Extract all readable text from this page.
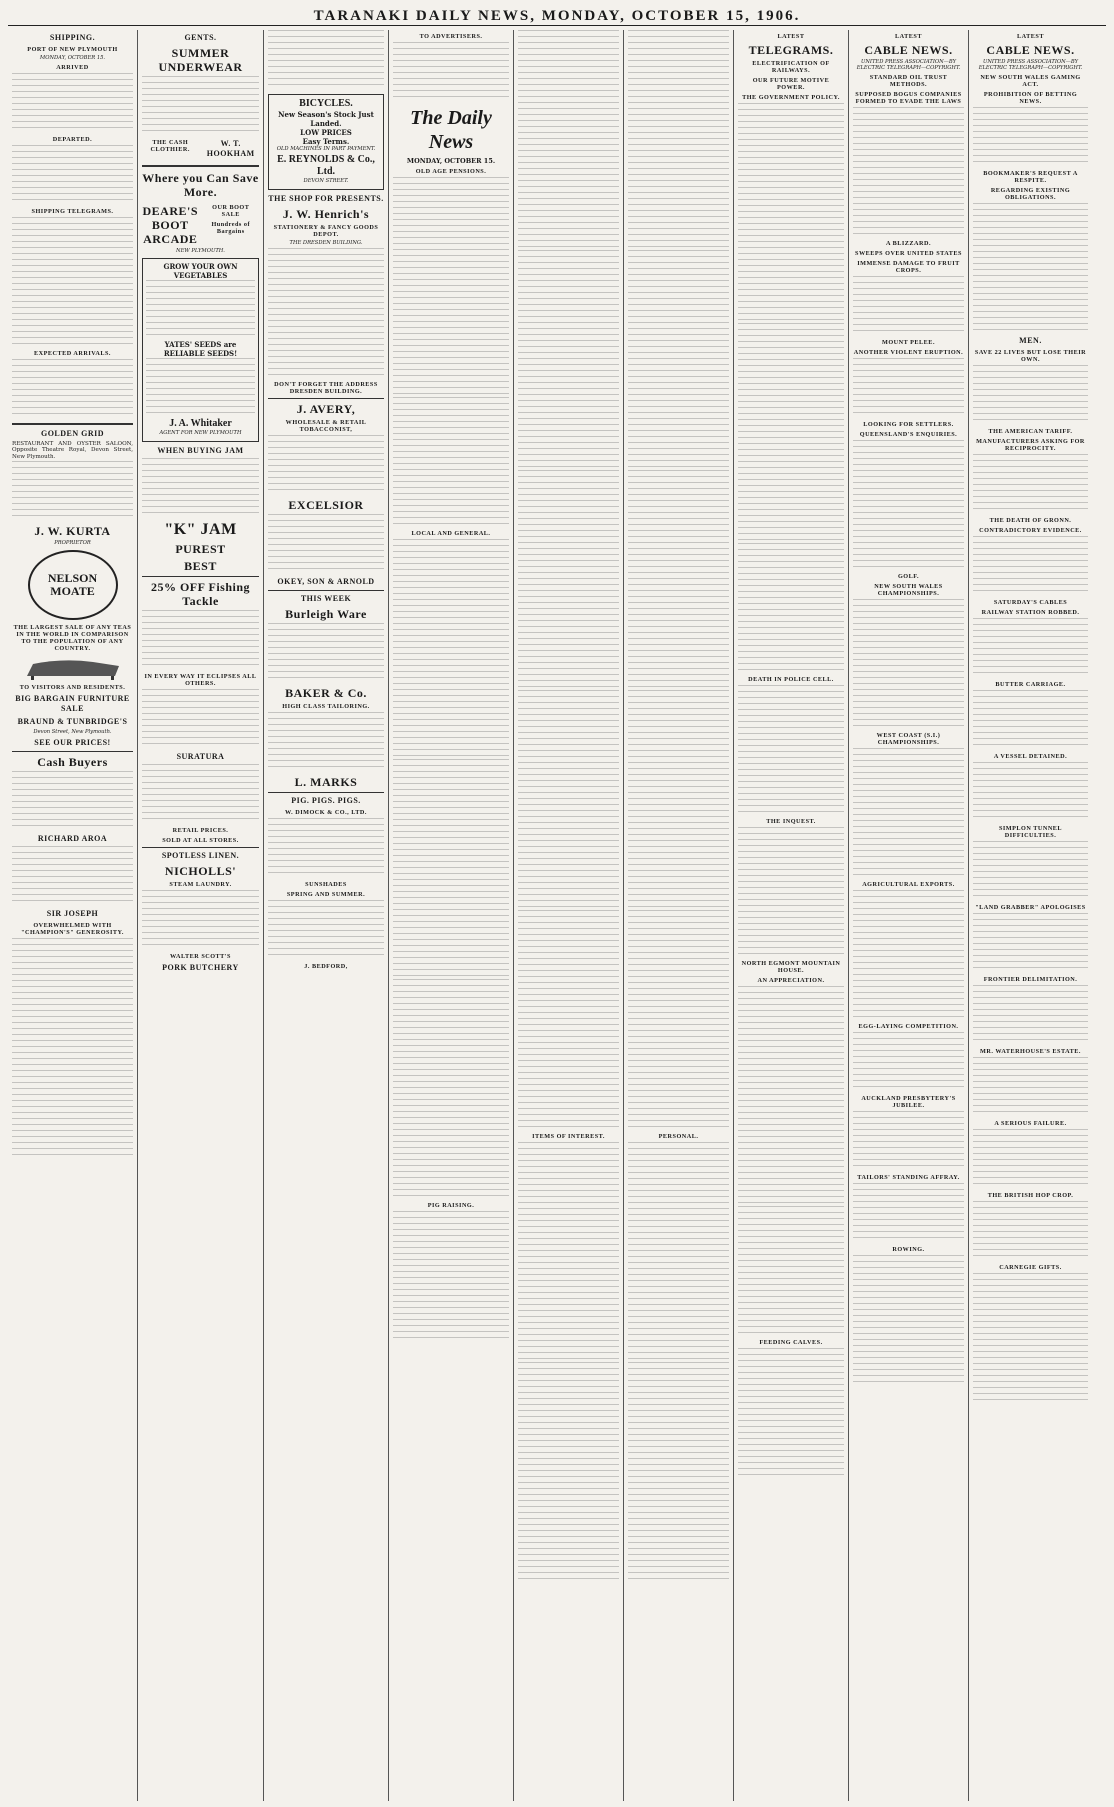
TARANAKI DAILY NEWS, MONDAY, OCTOBER 15, 1906.
SHIPPING.
PORT OF NEW PLYMOUTH
MONDAY, OCTOBER 15.
ARRIVED
DEPARTED.
SHIPPING TELEGRAMS.
EXPECTED ARRIVALS.
GOLDEN GRID
RESTAURANT AND OYSTER SALOON, Opposite Theatre Royal, Devon Street, New Plymouth.
J. W. KURTA
PROPRIETOR
NELSON MOATE
THE LARGEST SALE OF ANY TEAS IN THE WORLD IN COMPARISON TO THE POPULATION OF ANY COUNTRY.
TO VISITORS AND RESIDENTS.
BIG BARGAIN FURNITURE SALE
BRAUND & TUNBRIDGE'S
Devon Street, New Plymouth.
SEE OUR PRICES!
Cash Buyers
RICHARD AROA
SIR JOSEPH
OVERWHELMED WITH "CHAMPION'S" GENEROSITY.
GENTS.
SUMMER UNDERWEAR
THE CASH CLOTHIER.
W. T. HOOKHAM
Where you Can Save More.
DEARE'S BOOT ARCADE
OUR BOOT SALE
Hundreds of Bargains
NEW PLYMOUTH.
GROW YOUR OWN VEGETABLES
YATES' SEEDS are RELIABLE SEEDS!
J. A. Whitaker
AGENT FOR NEW PLYMOUTH
WHEN BUYING JAM
"K" JAM
PUREST
BEST
25% OFF Fishing Tackle
IN EVERY WAY IT ECLIPSES ALL OTHERS.
SURATURA
RETAIL PRICES.
SOLD AT ALL STORES.
SPOTLESS LINEN.
NICHOLLS'
STEAM LAUNDRY.
WALTER SCOTT'S
PORK BUTCHERY
BICYCLES.
New Season's Stock Just Landed.
LOW PRICES
Easy Terms.
OLD MACHINES IN PART PAYMENT.
E. REYNOLDS & Co., Ltd.
DEVON STREET.
THE SHOP FOR PRESENTS.
J. W. Henrich's
STATIONERY & FANCY GOODS DEPOT.
THE DRESDEN BUILDING.
DON'T FORGET THE ADDRESS DRESDEN BUILDING.
J. AVERY,
WHOLESALE & RETAIL TOBACCONIST,
EXCELSIOR
OKEY, SON & ARNOLD
THIS WEEK
Burleigh Ware
BAKER & Co.
HIGH CLASS TAILORING.
L. MARKS
PIG. PIGS. PIGS.
W. DIMOCK & CO., LTD.
SUNSHADES
SPRING AND SUMMER.
J. BEDFORD,
TO ADVERTISERS.
The Daily News
MONDAY, OCTOBER 15.
OLD AGE PENSIONS.
LOCAL AND GENERAL.
PIG RAISING.
ITEMS OF INTEREST.	PERSONAL.
LATEST
TELEGRAMS.
ELECTRIFICATION OF RAILWAYS.
OUR FUTURE MOTIVE POWER.
THE GOVERNMENT POLICY.
DEATH IN POLICE CELL.
THE INQUEST.
NORTH EGMONT MOUNTAIN HOUSE.
AN APPRECIATION.
FEEDING CALVES.
LATEST
CABLE NEWS.
UNITED PRESS ASSOCIATION—BY ELECTRIC TELEGRAPH—COPYRIGHT.
STANDARD OIL TRUST METHODS.
SUPPOSED BOGUS COMPANIES FORMED TO EVADE THE LAWS
A BLIZZARD.
SWEEPS OVER UNITED STATES
IMMENSE DAMAGE TO FRUIT CROPS.
MOUNT PELEE.
ANOTHER VIOLENT ERUPTION.
LOOKING FOR SETTLERS.
QUEENSLAND'S ENQUIRIES.
GOLF.
NEW SOUTH WALES CHAMPIONSHIPS.
WEST COAST (S.I.) CHAMPIONSHIPS.
AGRICULTURAL EXPORTS.
EGG-LAYING COMPETITION.
AUCKLAND PRESBYTERY'S JUBILEE.
TAILORS' STANDING AFFRAY.
ROWING.
LATEST
CABLE NEWS.
UNITED PRESS ASSOCIATION—BY ELECTRIC TELEGRAPH—COPYRIGHT.
NEW SOUTH WALES GAMING ACT.
PROHIBITION OF BETTING NEWS.
BOOKMAKER'S REQUEST A RESPITE.
REGARDING EXISTING OBLIGATIONS.
MEN.
SAVE 22 LIVES BUT LOSE THEIR OWN.
THE AMERICAN TARIFF.
MANUFACTURERS ASKING FOR RECIPROCITY.
THE DEATH OF GRONN.
CONTRADICTORY EVIDENCE.
SATURDAY'S CABLES
RAILWAY STATION ROBBED.
BUTTER CARRIAGE.
A VESSEL DETAINED.
SIMPLON TUNNEL DIFFICULTIES.
"LAND GRABBER" APOLOGISES
FRONTIER DELIMITATION.
MR. WATERHOUSE'S ESTATE.
A SERIOUS FAILURE.
THE BRITISH HOP CROP.
CARNEGIE GIFTS.
